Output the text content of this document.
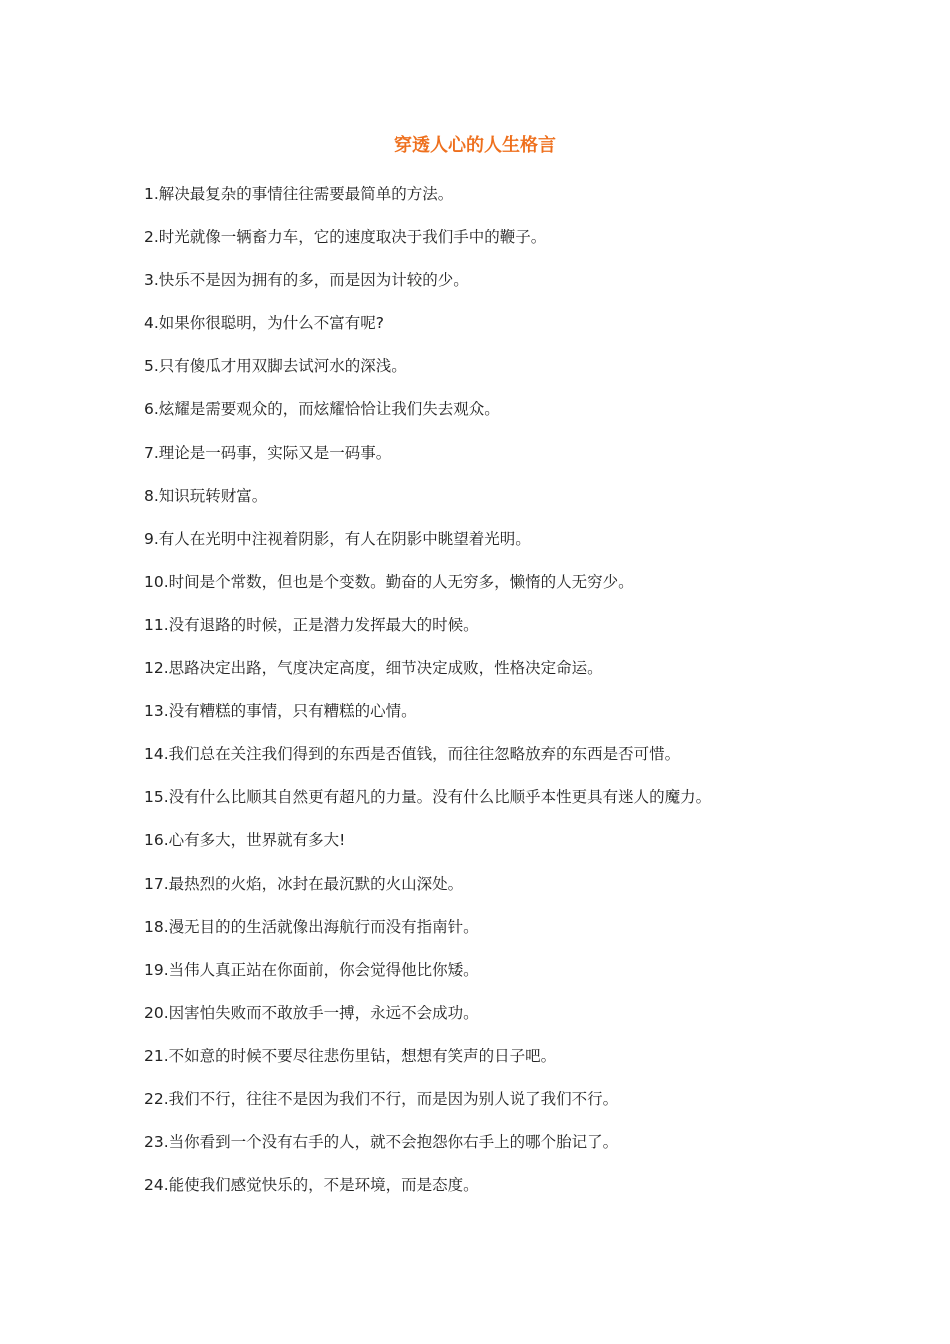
穿透人心的人生格言
1.解决最复杂的事情往往需要最简单的方法。
2.时光就像一辆畜力车，它的速度取决于我们手中的鞭子。
3.快乐不是因为拥有的多，而是因为计较的少。
4.如果你很聪明，为什么不富有呢?
5.只有傻瓜才用双脚去试河水的深浅。
6.炫耀是需要观众的，而炫耀恰恰让我们失去观众。
7.理论是一码事，实际又是一码事。
8.知识玩转财富。
9.有人在光明中注视着阴影，有人在阴影中眺望着光明。
10.时间是个常数，但也是个变数。勤奋的人无穷多，懒惰的人无穷少。
11.没有退路的时候，正是潜力发挥最大的时候。
12.思路决定出路，气度决定高度，细节决定成败，性格决定命运。
13.没有糟糕的事情，只有糟糕的心情。
14.我们总在关注我们得到的东西是否值钱，而往往忽略放弃的东西是否可惜。
15.没有什么比顺其自然更有超凡的力量。没有什么比顺乎本性更具有迷人的魔力。
16.心有多大，世界就有多大!
17.最热烈的火焰，冰封在最沉默的火山深处。
18.漫无目的的生活就像出海航行而没有指南针。
19.当伟人真正站在你面前，你会觉得他比你矮。
20.因害怕失败而不敢放手一搏，永远不会成功。
21.不如意的时候不要尽往悲伤里钻，想想有笑声的日子吧。
22.我们不行，往往不是因为我们不行，而是因为别人说了我们不行。
23.当你看到一个没有右手的人，就不会抱怨你右手上的哪个胎记了。
24.能使我们感觉快乐的，不是环境，而是态度。
